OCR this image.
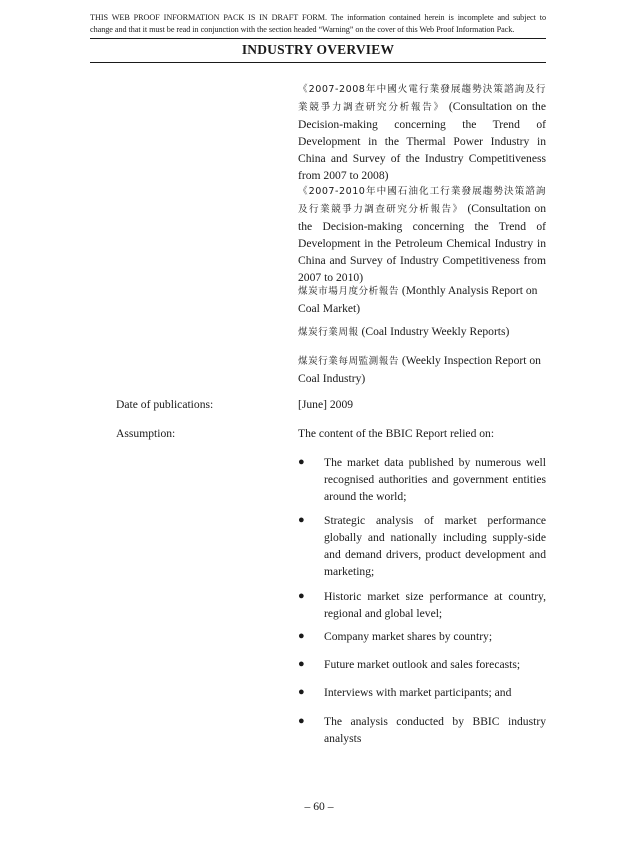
THIS WEB PROOF INFORMATION PACK IS IN DRAFT FORM. The information contained herein is incomplete and subject to
change and that it must be read in conjunction with the section headed “Warning” on the cover of this Web Proof Information Pack.
INDUSTRY OVERVIEW
《2007-2008年中國火電行業發展趨勢決策諮詢及行業競爭力調查研究分析報告》 (Consultation on the Decision-making concerning the Trend of Development in the Thermal Power Industry in China and Survey of the Industry Competitiveness from 2007 to 2008)
《2007-2010年中國石油化工行業發展趨勢決策諮詢及行業競爭力調查研究分析報告》 (Consultation on the Decision-making concerning the Trend of Development in the Petroleum Chemical Industry in China and Survey of Industry Competitiveness from 2007 to 2010)
煤炭市場月度分析報告 (Monthly Analysis Report on Coal Market)
煤炭行業周報 (Coal Industry Weekly Reports)
煤炭行業每周監測報告 (Weekly Inspection Report on Coal Industry)
Date of publications:	[June] 2009
Assumption:	The content of the BBIC Report relied on:
● The market data published by numerous well recognised authorities and government entities around the world;
● Strategic analysis of market performance globally and nationally including supply-side and demand drivers, product development and marketing;
● Historic market size performance at country, regional and global level;
● Company market shares by country;
● Future market outlook and sales forecasts;
● Interviews with market participants; and
● The analysis conducted by BBIC industry analysts
– 60 –
